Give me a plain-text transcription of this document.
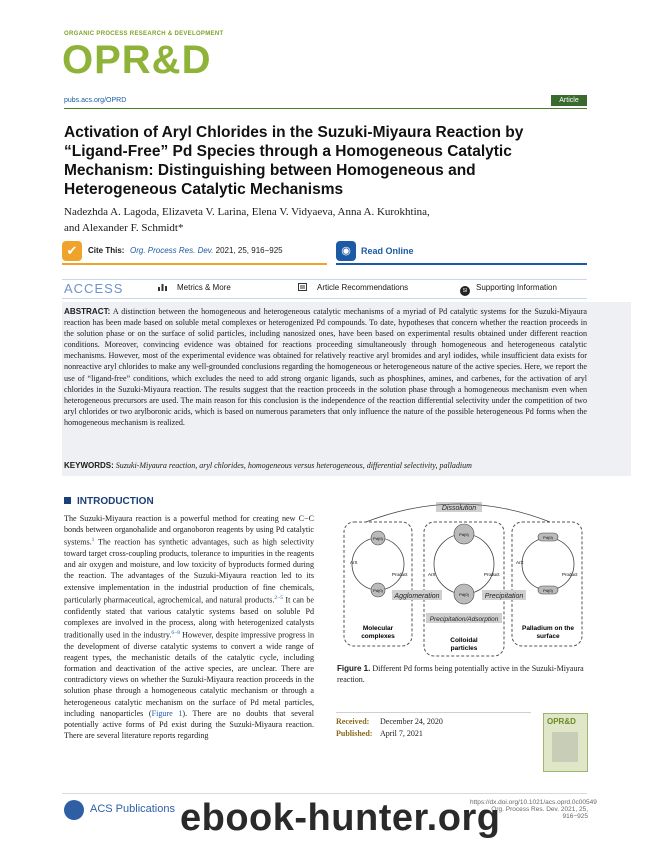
ORGANIC PROCESS RESEARCH & DEVELOPMENT
OPR&D
pubs.acs.org/OPRD	Article
Activation of Aryl Chlorides in the Suzuki-Miyaura Reaction by “Ligand-Free” Pd Species through a Homogeneous Catalytic Mechanism: Distinguishing between Homogeneous and Heterogeneous Catalytic Mechanisms
Nadezhda A. Lagoda, Elizaveta V. Larina, Elena V. Vidyaeva, Anna A. Kurokhtina,
and Alexander F. Schmidt*
✔	Cite This: Org. Process Res. Dev. 2021, 25, 916−925	◉	Read Online
ACCESS	Metrics & More	Article Recommendations	SI Supporting Information
ABSTRACT: A distinction between the homogeneous and heterogeneous catalytic mechanisms of a myriad of Pd catalytic systems for the Suzuki-Miyaura reaction has been made based on soluble metal complexes or heterogenized Pd compounds. To date, hypotheses that concern whether the reaction proceeds in the solution phase or on the surface of solid particles, including nanosized ones, have been based on experimental results obtained under different reaction conditions. Moreover, convincing evidence was obtained for reactions proceeding simultaneously through homogeneous and heterogeneous catalytic mechanisms. However, most of the experimental evidence was obtained for relatively reactive aryl bromides and aryl iodides, while insufficient data exists for nonreactive aryl chlorides to make any well-grounded conclusions regarding the homogeneous or heterogeneous nature of the active species. Here, we report the use of “ligand-free” conditions, which excludes the need to add strong organic ligands, such as phosphines, amines, and carbenes, for the activation of aryl chlorides in the Suzuki-Miyaura reaction. The results suggest that the reaction proceeds in the solution phase through a homogeneous mechanism even when heterogeneous precursors are used. The main reason for this conclusion is the independence of the reaction differential selectivity under the competition of two aryl chlorides or two arylboronic acids, which is based on numerous parameters that only influence the nature of the possible heterogeneous Pd forms when the homogeneous mechanism is realized.
KEYWORDS: Suzuki-Miyaura reaction, aryl chlorides, homogeneous versus heterogeneous, differential selectivity, palladium
INTRODUCTION
The Suzuki-Miyaura reaction is a powerful method for creating new C−C bonds between organohalide and organoboron reagents by using Pd catalytic systems.$^1$ The reaction has synthetic advantages, such as high selectivity toward target cross-coupling products, tolerance to impurities in the reagents and air oxygen and moisture, and low toxicity of byproducts formed during the reaction. The advantages of the Suzuki-Miyaura reaction led to its extensive implementation in the industrial production of fine chemicals, particularly pharmaceutical, agrochemical, and natural products.$^{2-5}$ It can be confidently stated that various catalytic systems based on soluble Pd complexes are involved in the process, along with heterogenized catalysts traditionally used in the industry.$^{6-8}$ However, despite impressive progress in the development of diverse catalytic systems to convert a wide range of reagent types, the mechanistic details of the catalytic cycle, including formation and deactivation of the active species, are unclear. There are contradictory views on whether the Suzuki-Miyaura reaction proceeds in the solution phase through a homogeneous catalytic mechanism or through a heterogeneous catalytic mechanism on the surface of Pd metal particles, including nanoparticles (Figure 1). There are no doubts that several potentially active forms of Pd exist during the Suzuki-Miyaura reaction. There are several literature reports regarding
Dissolution
Agglomeration	Precipitation
Precipitation/Adsorption
Pd(II)
Pd(0)
Pd(II)
Pd(0)
Pd(II)
Pd(0)
ArX
Product	ArX	Product
ArX
Product
Molecular
complexes
Colloidal
particles
Palladium on the
surface
Figure 1. Different Pd forms being potentially active in the Suzuki-Miyaura reaction.
Received: December 24, 2020
Published: April 7, 2021
OPR&D
ACS Publications
https://dx.doi.org/10.1021/acs.oprd.0c00549
Org. Process Res. Dev. 2021, 25, 916−925
ebook-hunter.org
